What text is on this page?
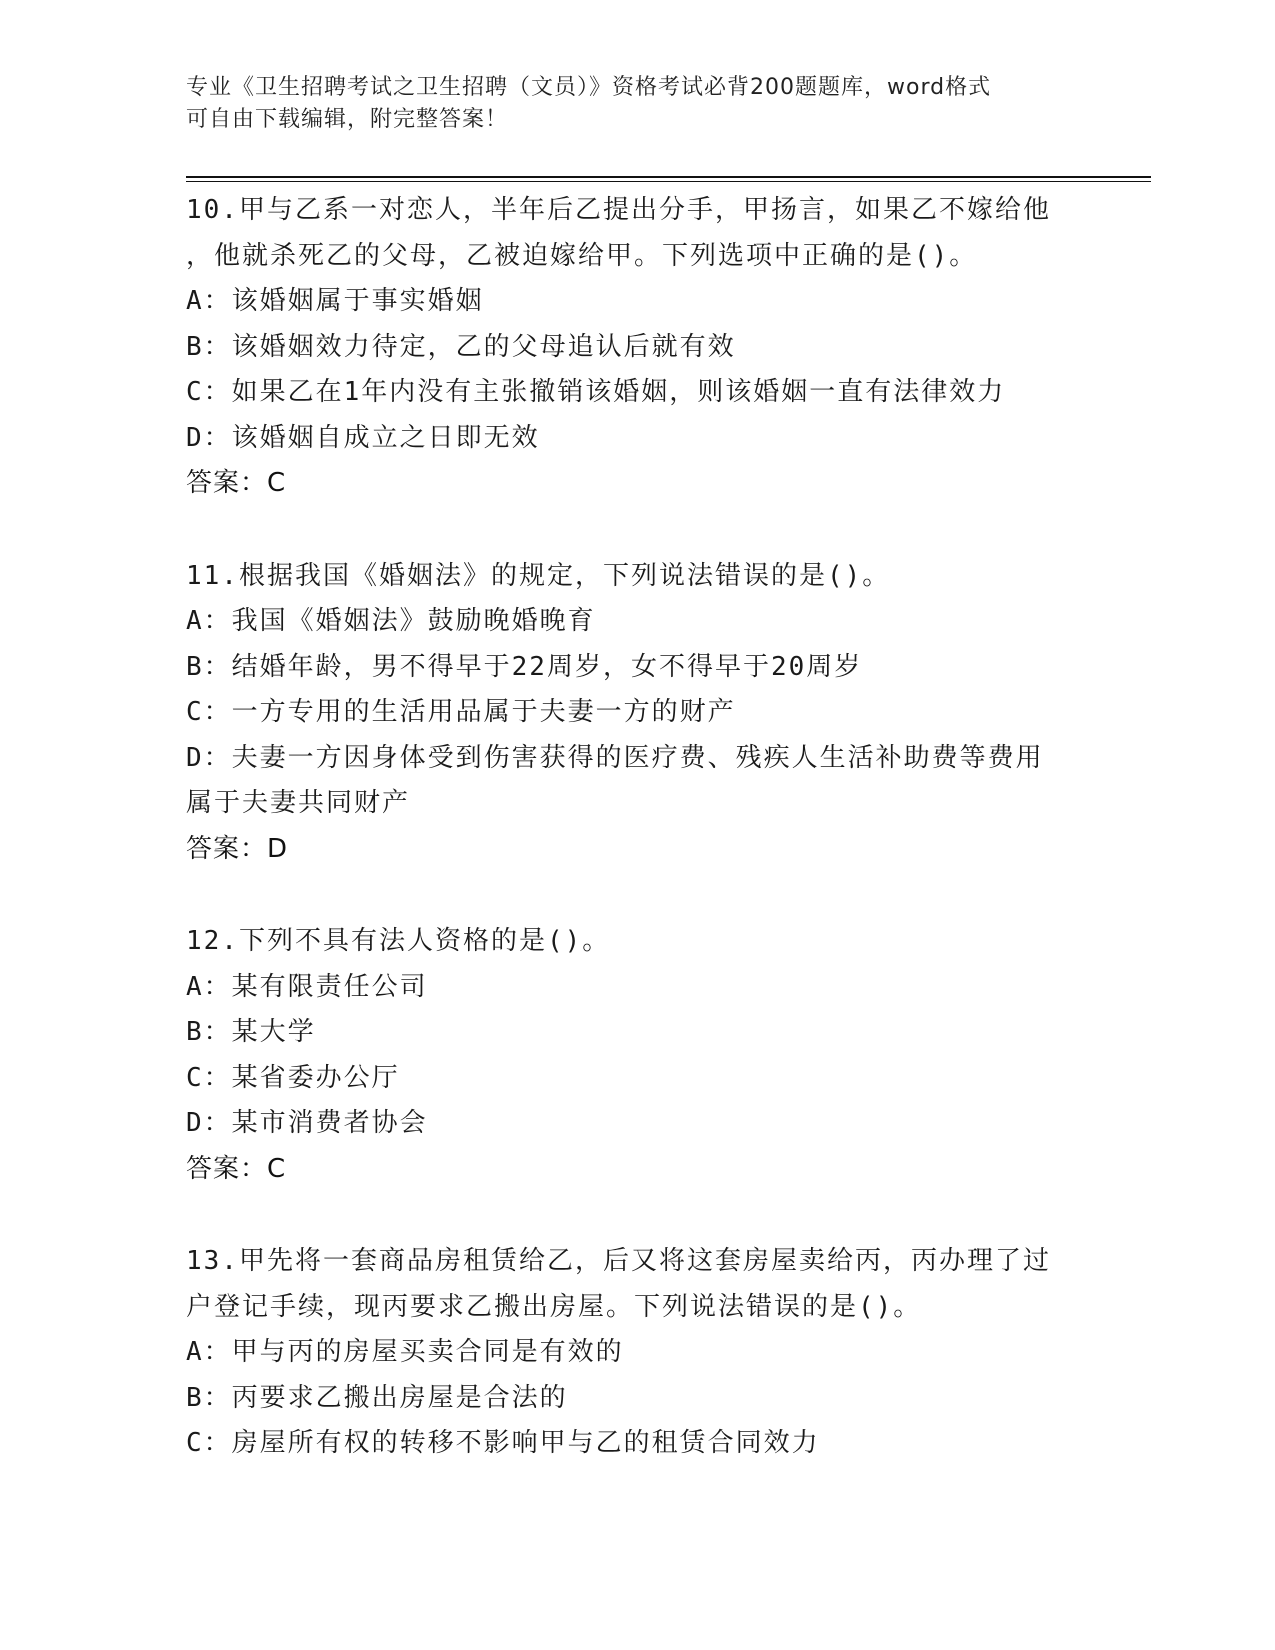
专业《卫生招聘考试之卫生招聘（文员）》资格考试必背200题题库，word格式
可自由下载编辑，附完整答案！
10.甲与乙系一对恋人，半年后乙提出分手，甲扬言，如果乙不嫁给他
，他就杀死乙的父母，乙被迫嫁给甲。下列选项中正确的是()。
A：该婚姻属于事实婚姻
B：该婚姻效力待定，乙的父母追认后就有效
C：如果乙在1年内没有主张撤销该婚姻，则该婚姻一直有法律效力
D：该婚姻自成立之日即无效
答案：C
11.根据我国《婚姻法》的规定，下列说法错误的是()。
A：我国《婚姻法》鼓励晚婚晚育
B：结婚年龄，男不得早于22周岁，女不得早于20周岁
C：一方专用的生活用品属于夫妻一方的财产
D：夫妻一方因身体受到伤害获得的医疗费、残疾人生活补助费等费用
属于夫妻共同财产
答案：D
12.下列不具有法人资格的是()。
A：某有限责任公司
B：某大学
C：某省委办公厅
D：某市消费者协会
答案：C
13.甲先将一套商品房租赁给乙，后又将这套房屋卖给丙，丙办理了过
户登记手续，现丙要求乙搬出房屋。下列说法错误的是()。
A：甲与丙的房屋买卖合同是有效的
B：丙要求乙搬出房屋是合法的
C：房屋所有权的转移不影响甲与乙的租赁合同效力
